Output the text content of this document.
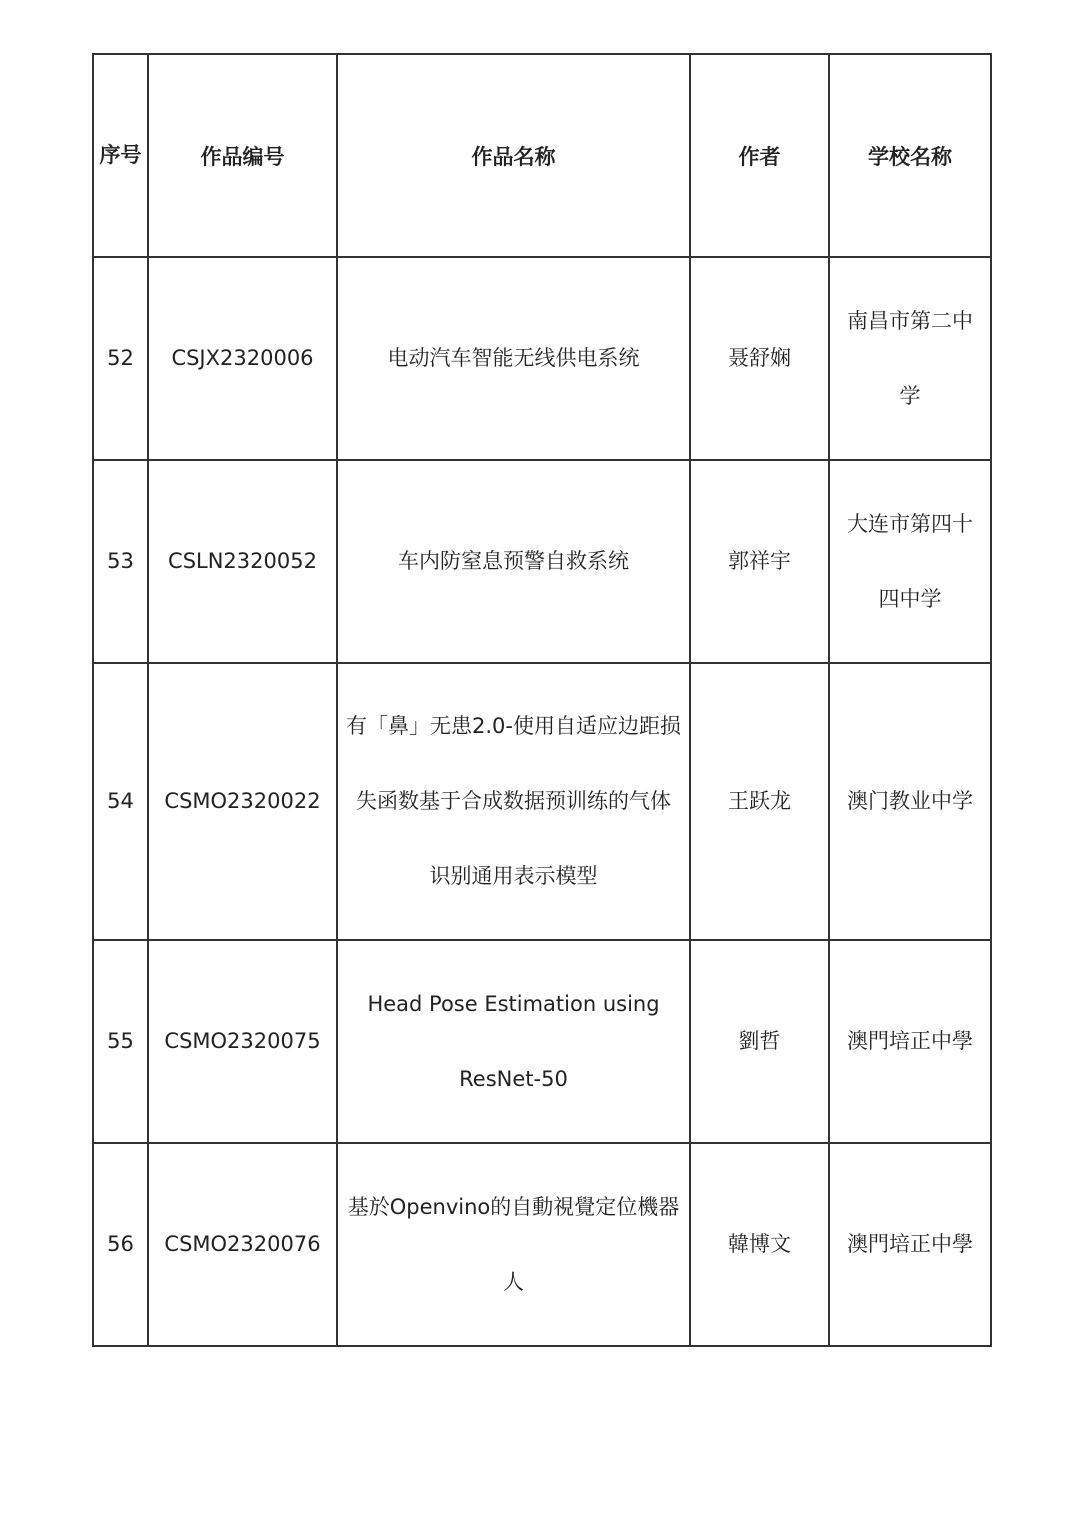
序号	作品编号	作品名称	作者	学校名称
52	CSJX2320006	电动汽车智能无线供电系统	聂舒娴	南昌市第二中学
53	CSLN2320052	车内防窒息预警自救系统	郭祥宇	大连市第四十四中学
54	CSMO2320022	有「鼻」无患2.0-使用自适应边距损失函数基于合成数据预训练的气体识别通用表示模型	王跃龙	澳门教业中学
55	CSMO2320075	Head Pose Estimation using ResNet-50	劉哲	澳門培正中學
56	CSMO2320076	基於Openvino的自動視覺定位機器人	韓博文	澳門培正中學
